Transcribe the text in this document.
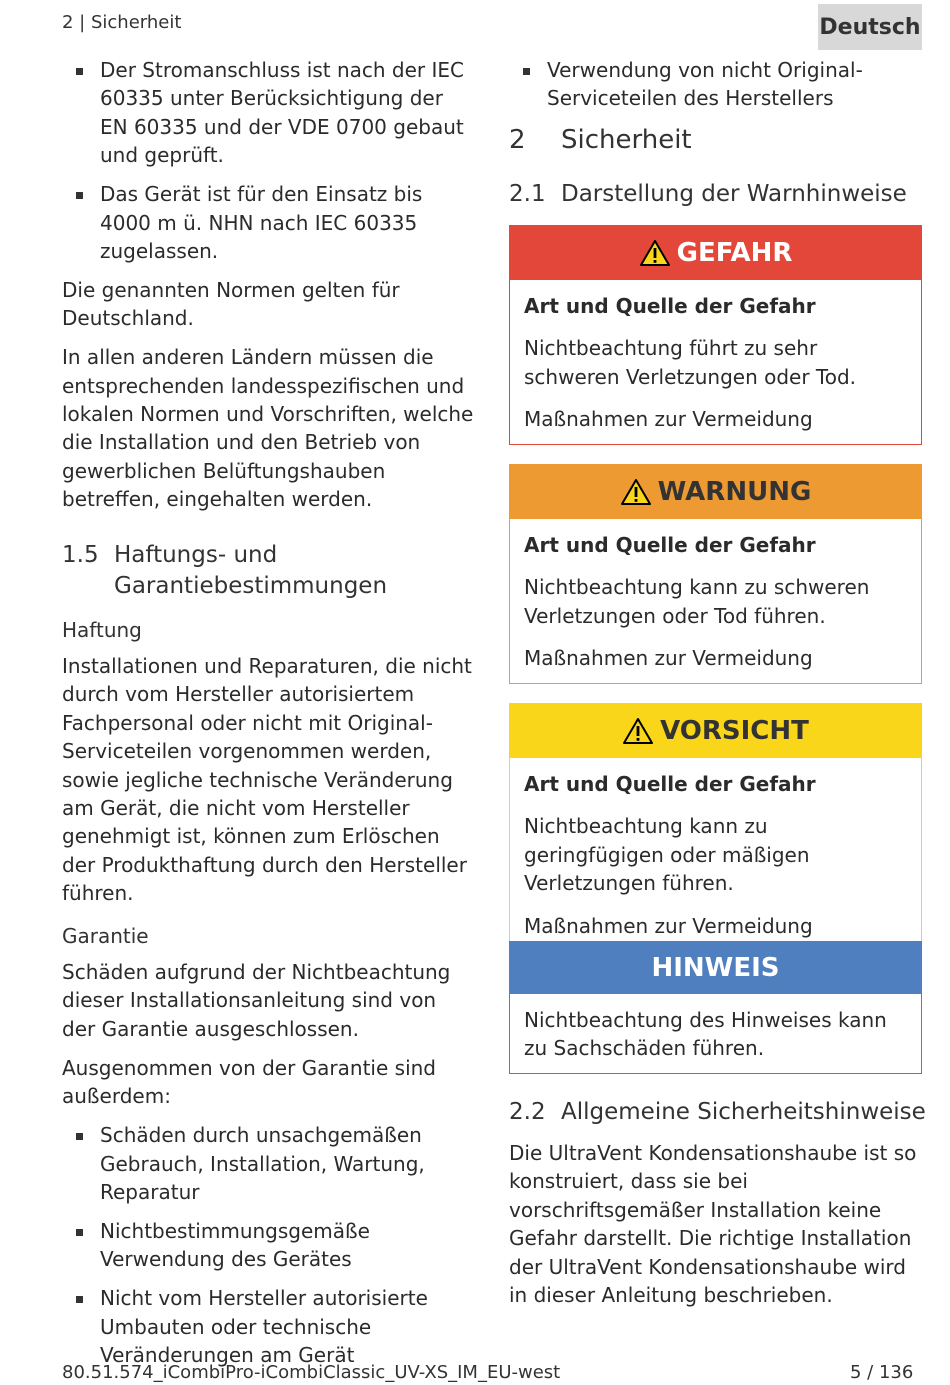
2 | Sicherheit	Deutsch
Der Stromanschluss ist nach der IEC 60335 unter Berücksichtigung der EN 60335 und der VDE 0700 gebaut und geprüft.
Das Gerät ist für den Einsatz bis 4000 m ü. NHN nach IEC 60335 zugelassen.

Die genannten Normen gelten für Deutschland.

In allen anderen Ländern müssen die entsprechenden landesspezifischen und lokalen Normen und Vorschriften, welche die Installation und den Betrieb von gewerblichen Belüftungshauben betreffen, eingehalten werden.

1.5 Haftungs- und Garantiebestimmungen
Haftung

Installationen und Reparaturen, die nicht durch vom Hersteller autorisiertem Fachpersonal oder nicht mit Original-Serviceteilen vorgenommen werden, sowie jegliche technische Veränderung am Gerät, die nicht vom Hersteller genehmigt ist, können zum Erlöschen der Produkthaftung durch den Hersteller führen.

Garantie

Schäden aufgrund der Nichtbeachtung dieser Installationsanleitung sind von der Garantie ausgeschlossen.

Ausgenommen von der Garantie sind außerdem:

Schäden durch unsachgemäßen Gebrauch, Installation, Wartung, Reparatur
Nichtbestimmungsgemäße Verwendung des Gerätes
Nicht vom Hersteller autorisierte Umbauten oder technische Veränderungen am Gerät
Verwendung von nicht Original-Serviceteilen des Herstellers
2	Sicherheit
2.1 Darstellung der Warnhinweise
GEFAHR

Art und Quelle der Gefahr

Nichtbeachtung führt zu sehr schweren Verletzungen oder Tod.

Maßnahmen zur Vermeidung

WARNUNG

Art und Quelle der Gefahr

Nichtbeachtung kann zu schweren Verletzungen oder Tod führen.

Maßnahmen zur Vermeidung

VORSICHT

Art und Quelle der Gefahr

Nichtbeachtung kann zu geringfügigen oder mäßigen Verletzungen führen.

Maßnahmen zur Vermeidung

HINWEIS

Nichtbeachtung des Hinweises kann zu Sachschäden führen.

2.2 Allgemeine Sicherheitshinweise

Die UltraVent Kondensationshaube ist so konstruiert, dass sie bei vorschriftsgemäßer Installation keine Gefahr darstellt. Die richtige Installation der UltraVent Kondensationshaube wird in dieser Anleitung beschrieben.

80.51.574_iCombiPro-iCombiClassic_UV-XS_IM_EU-west	5 / 136
